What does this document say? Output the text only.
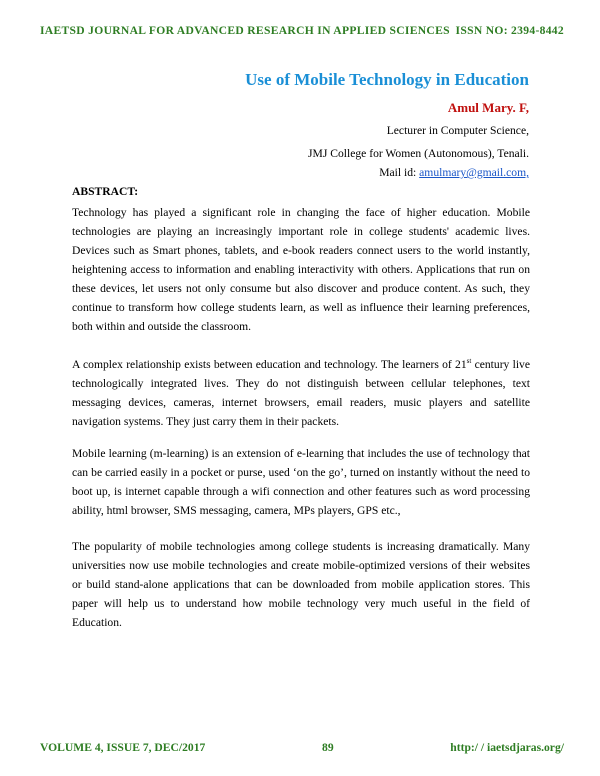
IAETSD JOURNAL FOR ADVANCED RESEARCH IN APPLIED SCIENCES ISSN NO: 2394-8442
Use of Mobile Technology in Education
Amul Mary. F,
Lecturer in Computer Science,
JMJ College for Women (Autonomous), Tenali.
Mail id: amulmary@gmail.com,
ABSTRACT:

Technology has played a significant role in changing the face of higher education. Mobile technologies are playing an increasingly important role in college students' academic lives. Devices such as Smart phones, tablets, and e-book readers connect users to the world instantly, heightening access to information and enabling interactivity with others. Applications that run on these devices, let users not only consume but also discover and produce content. As such, they continue to transform how college students learn, as well as influence their learning preferences, both within and outside the classroom.

A complex relationship exists between education and technology. The learners of 21st century live technologically integrated lives. They do not distinguish between cellular telephones, text messaging devices, cameras, internet browsers, email readers, music players and satellite navigation systems. They just carry them in their packets.

Mobile learning (m-learning) is an extension of e-learning that includes the use of technology that can be carried easily in a pocket or purse, used ‘on the go’, turned on instantly without the need to boot up, is internet capable through a wifi connection and other features such as word processing ability, html browser, SMS messaging, camera, MPs players, GPS etc.,

The popularity of mobile technologies among college students is increasing dramatically. Many universities now use mobile technologies and create mobile-optimized versions of their websites or build stand-alone applications that can be downloaded from mobile application stores. This paper will help us to understand how mobile technology very much useful in the field of Education.

VOLUME 4, ISSUE 7, DEC/2017	89	http:/ / iaetsdjaras.org/
